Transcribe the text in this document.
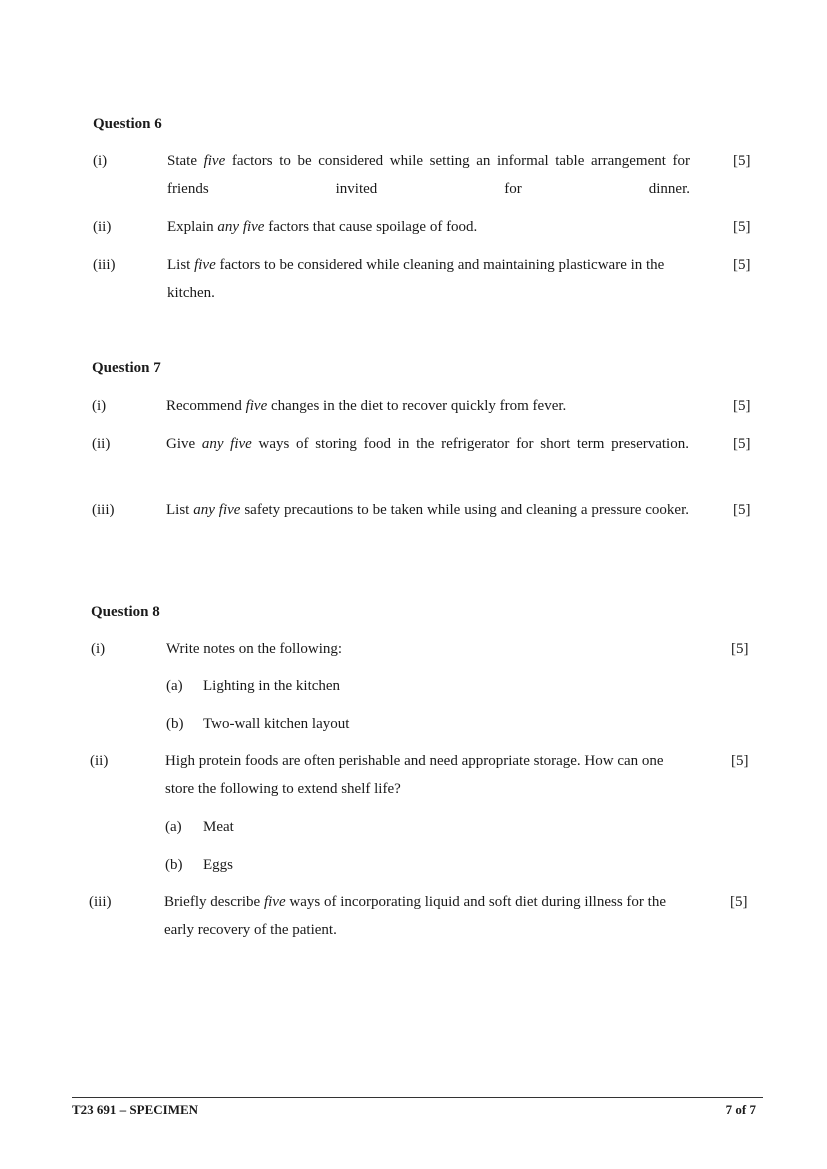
Question 6
(i)	State five factors to be considered while setting an informal table arrangement for friends invited for dinner.
[5]
(ii)	Explain any five factors that cause spoilage of food.	[5]
(iii)	List five factors to be considered while cleaning and maintaining plasticware in the kitchen.
[5]
Question 7
(i)	Recommend five changes in the diet to recover quickly from fever.	[5]
(ii)	Give any five ways of storing food in the refrigerator for short term preservation.	[5]
(iii)	List any five safety precautions to be taken while using and cleaning a pressure cooker.	[5]
Question 8
(i)	Write notes on the following:	[5]
(a) Lighting in the kitchen
(b) Two-wall kitchen layout
(ii)	High protein foods are often perishable and need appropriate storage. How can one store the following to extend shelf life?
[5]
(a) Meat
(b) Eggs
(iii)	Briefly describe five ways of incorporating liquid and soft diet during illness for the early recovery of the patient.
[5]
T23 691 – SPECIMEN	7 of 7
